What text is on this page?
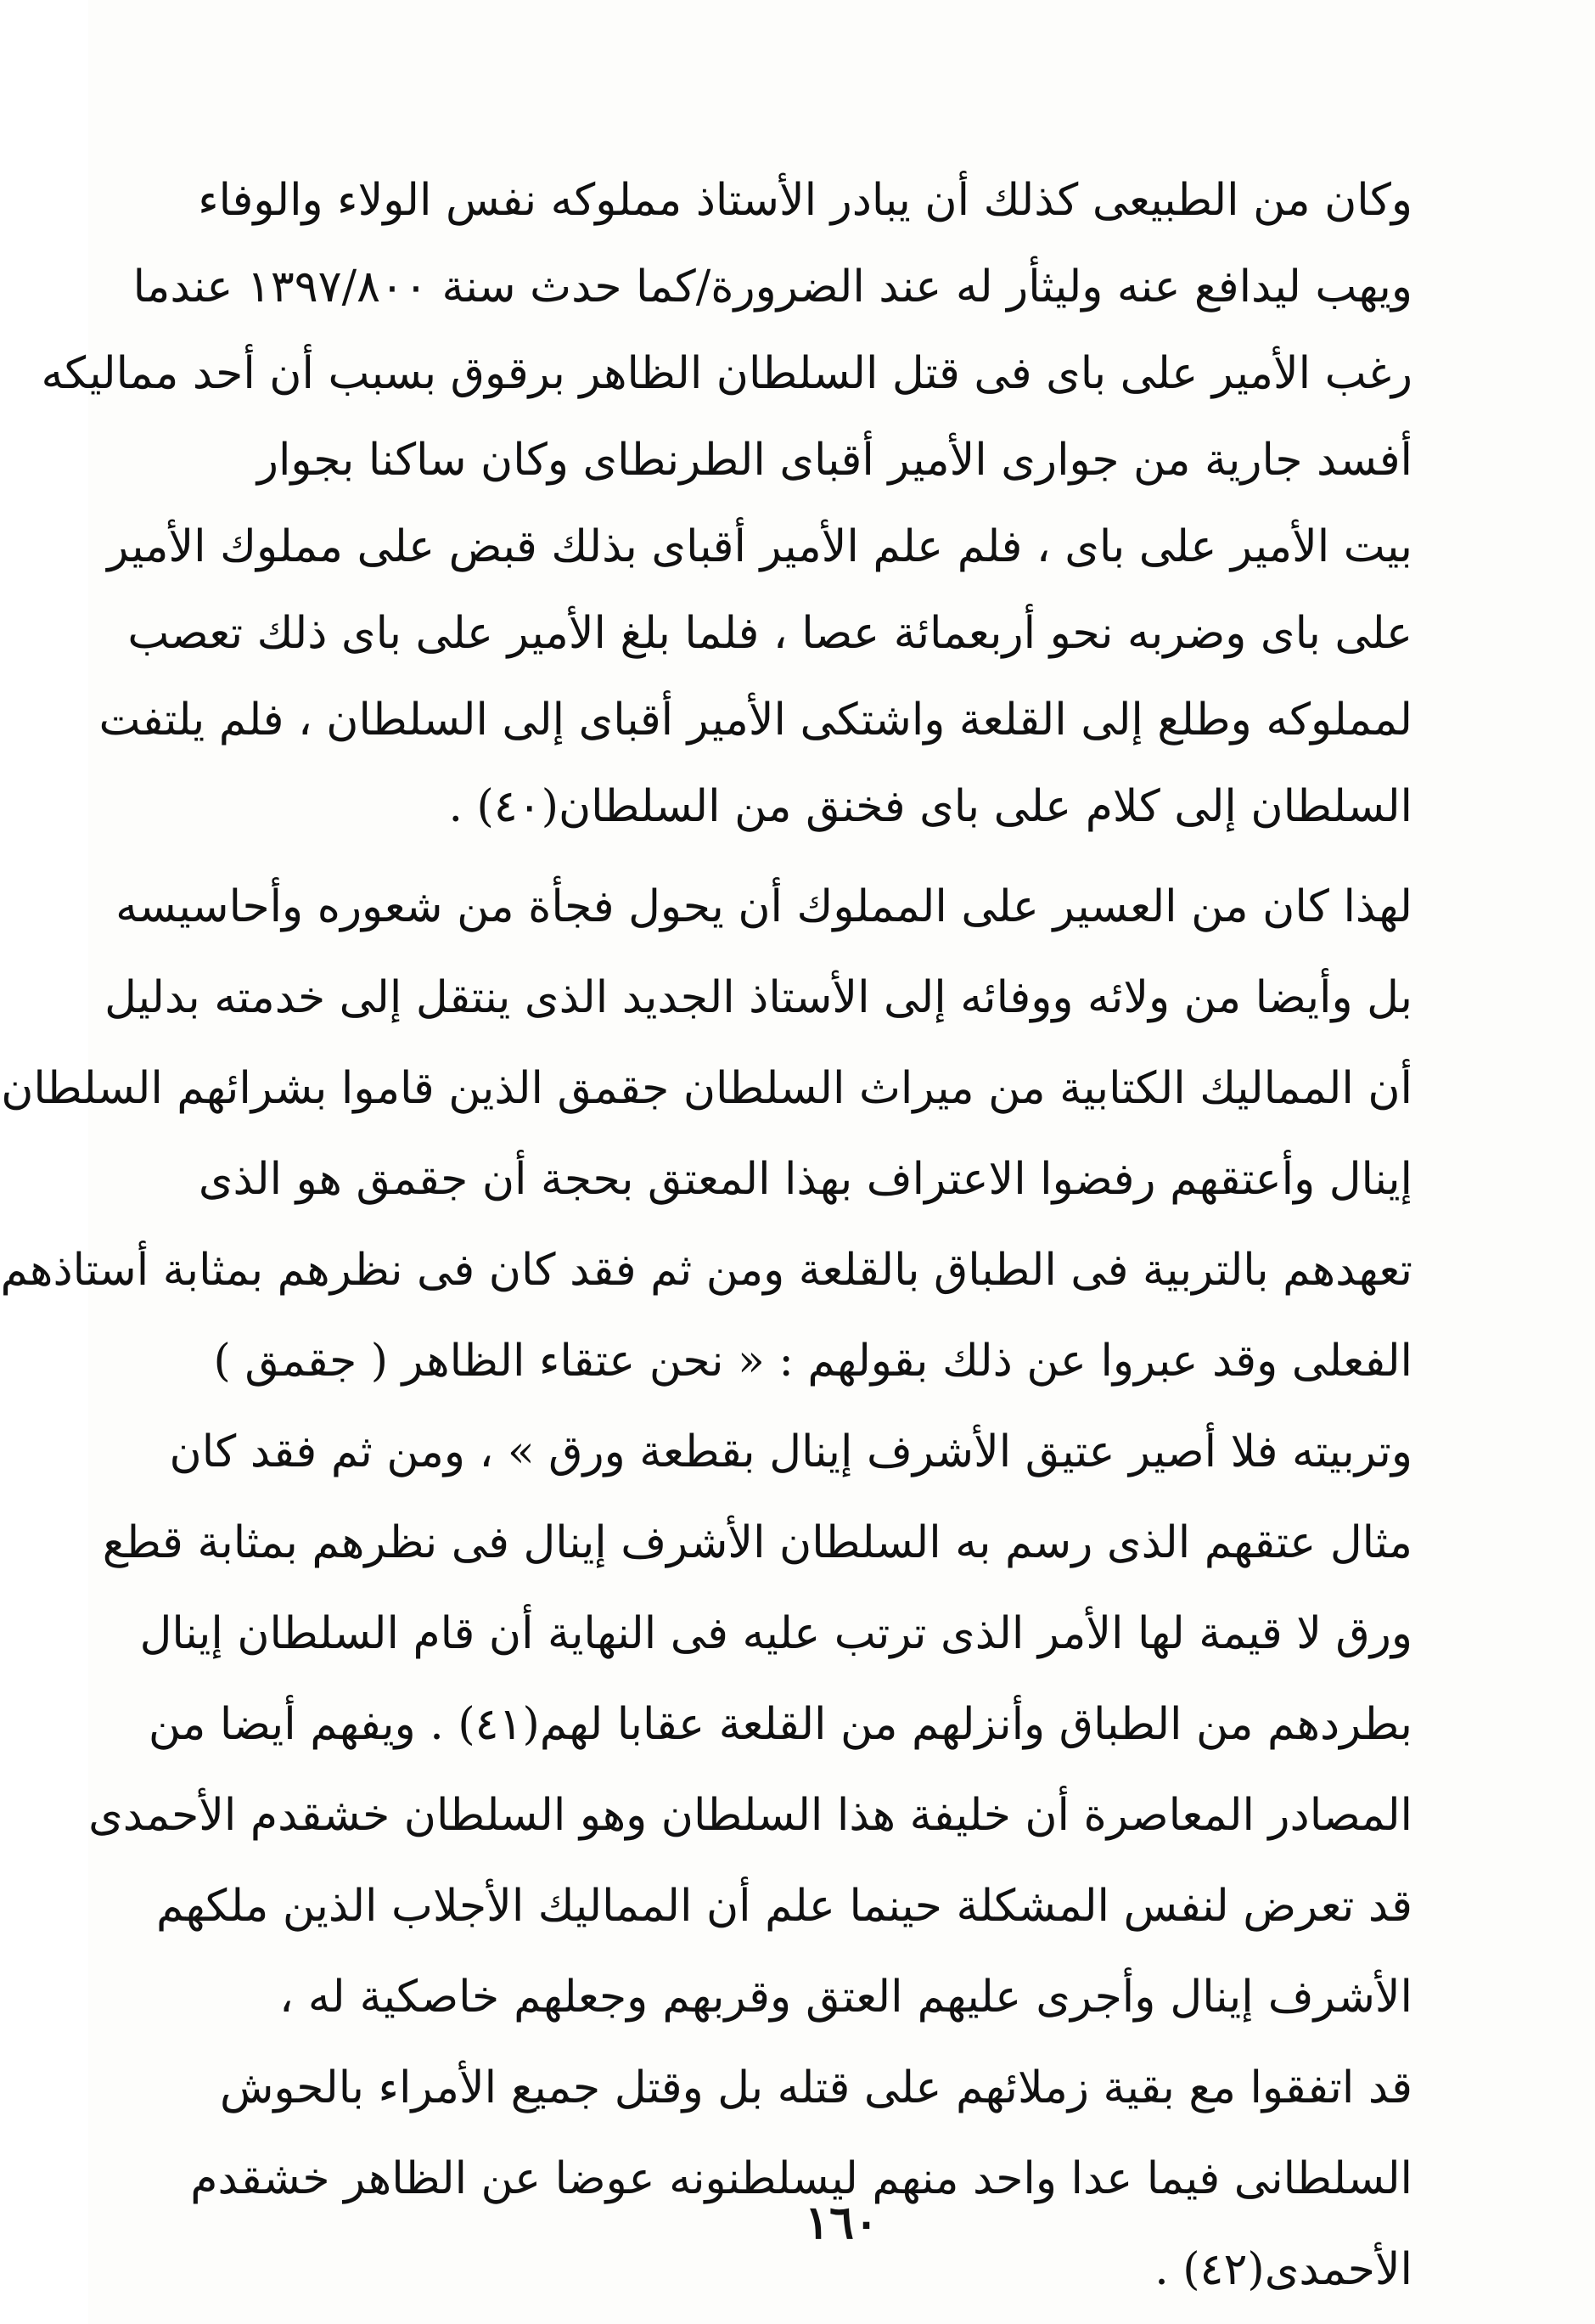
وكان من الطبيعى كذلك أن يبادر الأستاذ مملوكه نفس الولاء والوفاء
ويهب ليدافع عنه وليثأر له عند الضرورة/كما حدث سنة ١٣٩٧/٨٠٠ عندما
رغب الأمير على باى فى قتل السلطان الظاهر برقوق بسبب أن أحد مماليكه
أفسد جارية من جوارى الأمير أقباى الطرنطاى وكان ساكنا بجوار
بيت الأمير على باى ، فلم علم الأمير أقباى بذلك قبض على مملوك الأمير
على باى وضربه نحو أربعمائة عصا ، فلما بلغ الأمير على باى ذلك تعصب
لمملوكه وطلع إلى القلعة واشتكى الأمير أقباى إلى السلطان ، فلم يلتفت
السلطان إلى كلام على باى فخنق من السلطان(٤٠) .
لهذا كان من العسير على المملوك أن يحول فجأة من شعوره وأحاسيسه
بل وأيضا من ولائه ووفائه إلى الأستاذ الجديد الذى ينتقل إلى خدمته بدليل
أن المماليك الكتابية من ميراث السلطان جقمق الذين قاموا بشرائهم السلطان
إينال وأعتقهم رفضوا الاعتراف بهذا المعتق بحجة أن جقمق هو الذى
تعهدهم بالتربية فى الطباق بالقلعة ومن ثم فقد كان فى نظرهم بمثابة أستاذهم
الفعلى وقد عبروا عن ذلك بقولهم : « نحن عتقاء الظاهر ( جقمق )
وتربيته فلا أصير عتيق الأشرف إينال بقطعة ورق » ، ومن ثم فقد كان
مثال عتقهم الذى رسم به السلطان الأشرف إينال فى نظرهم بمثابة قطع
ورق لا قيمة لها الأمر الذى ترتب عليه فى النهاية أن قام السلطان إينال
بطردهم من الطباق وأنزلهم من القلعة عقابا لهم(٤١) . ويفهم أيضا من
المصادر المعاصرة أن خليفة هذا السلطان وهو السلطان خشقدم الأحمدى
قد تعرض لنفس المشكلة حينما علم أن المماليك الأجلاب الذين ملكهم
الأشرف إينال وأجرى عليهم العتق وقربهم وجعلهم خاصكية له ،
قد اتفقوا مع بقية زملائهم على قتله بل وقتل جميع الأمراء بالحوش
السلطانى فيما عدا واحد منهم ليسلطنونه عوضا عن الظاهر خشقدم
الأحمدى(٤٢) .
١٦٠
